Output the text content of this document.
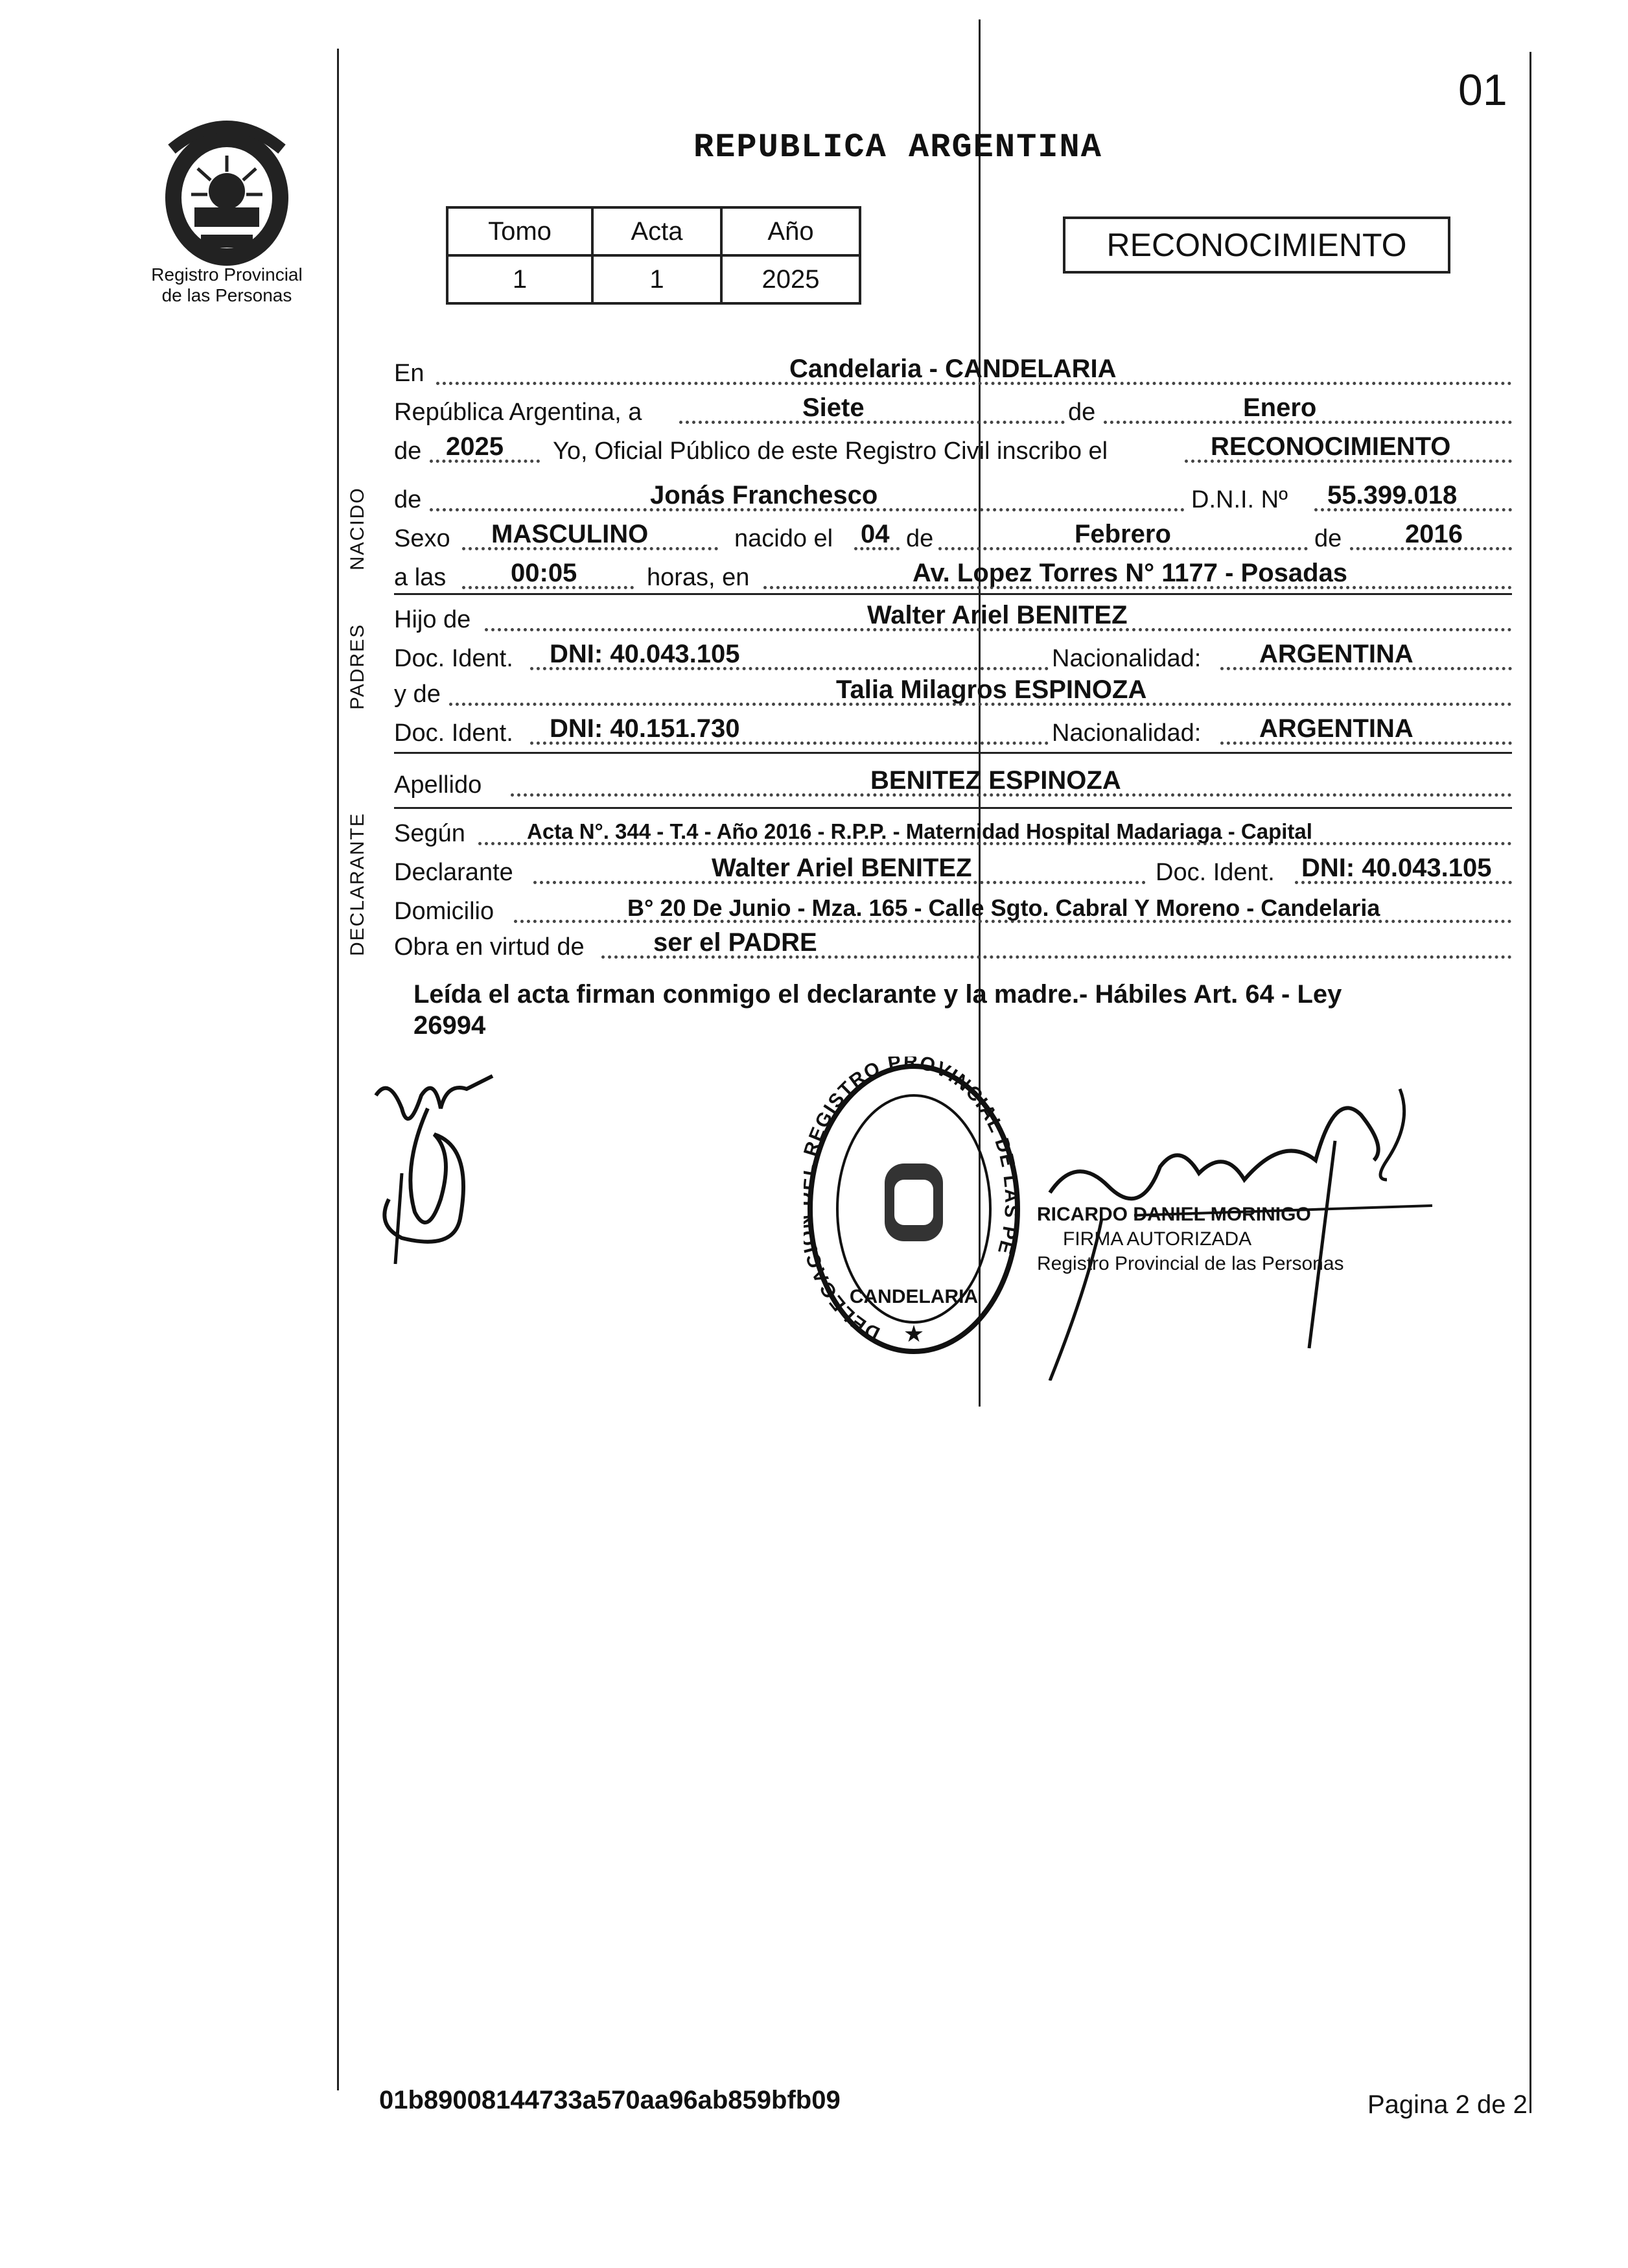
Registro Provincial
de las Personas
01
REPUBLICA ARGENTINA
Tomo	Acta	Año
1	1	2025
RECONOCIMIENTO
En	Candelaria - CANDELARIA
República Argentina, a	Siete	de	Enero
de 2025 Yo, Oficial Público de este Registro Civil inscribo el	RECONOCIMIENTO
NACIDO de	Jonás Franchesco	D.N.I. Nº 55.399.018
Sexo MASCULINO	nacido el 04 de	Febrero	de 2016
a las 00:05	horas, en	Av. Lopez Torres N° 1177 - Posadas
PADRES
Hijo de	Walter Ariel BENITEZ
Doc. Ident. DNI: 40.043.105	Nacionalidad: ARGENTINA
y de	Talia Milagros ESPINOZA
Doc. Ident. DNI: 40.151.730	Nacionalidad: ARGENTINA
Apellido	BENITEZ ESPINOZA
DECLARANTE Según	Acta N°. 344 - T.4 - Año 2016 - R.P.P. - Maternidad Hospital Madariaga - Capital
Declarante	Walter Ariel BENITEZ	Doc. Ident. DNI: 40.043.105
Domicilio	B° 20 De Junio - Mza. 165 - Calle Sgto. Cabral Y Moreno - Candelaria
Obra en virtud de	ser el PADRE
Leída el acta firman conmigo el declarante y la madre.- Hábiles Art. 64 - Ley
26994
DELEGAC EGISTRO PROVINCIAL DE LAS PE
CANDELARIA
★
RICARDO DANIEL MORINIGO
FIRMA AUTORIZADA
Registro Provincial de las Personas
01b89008144733a570aa96ab859bfb09	Pagina 2 de 2
